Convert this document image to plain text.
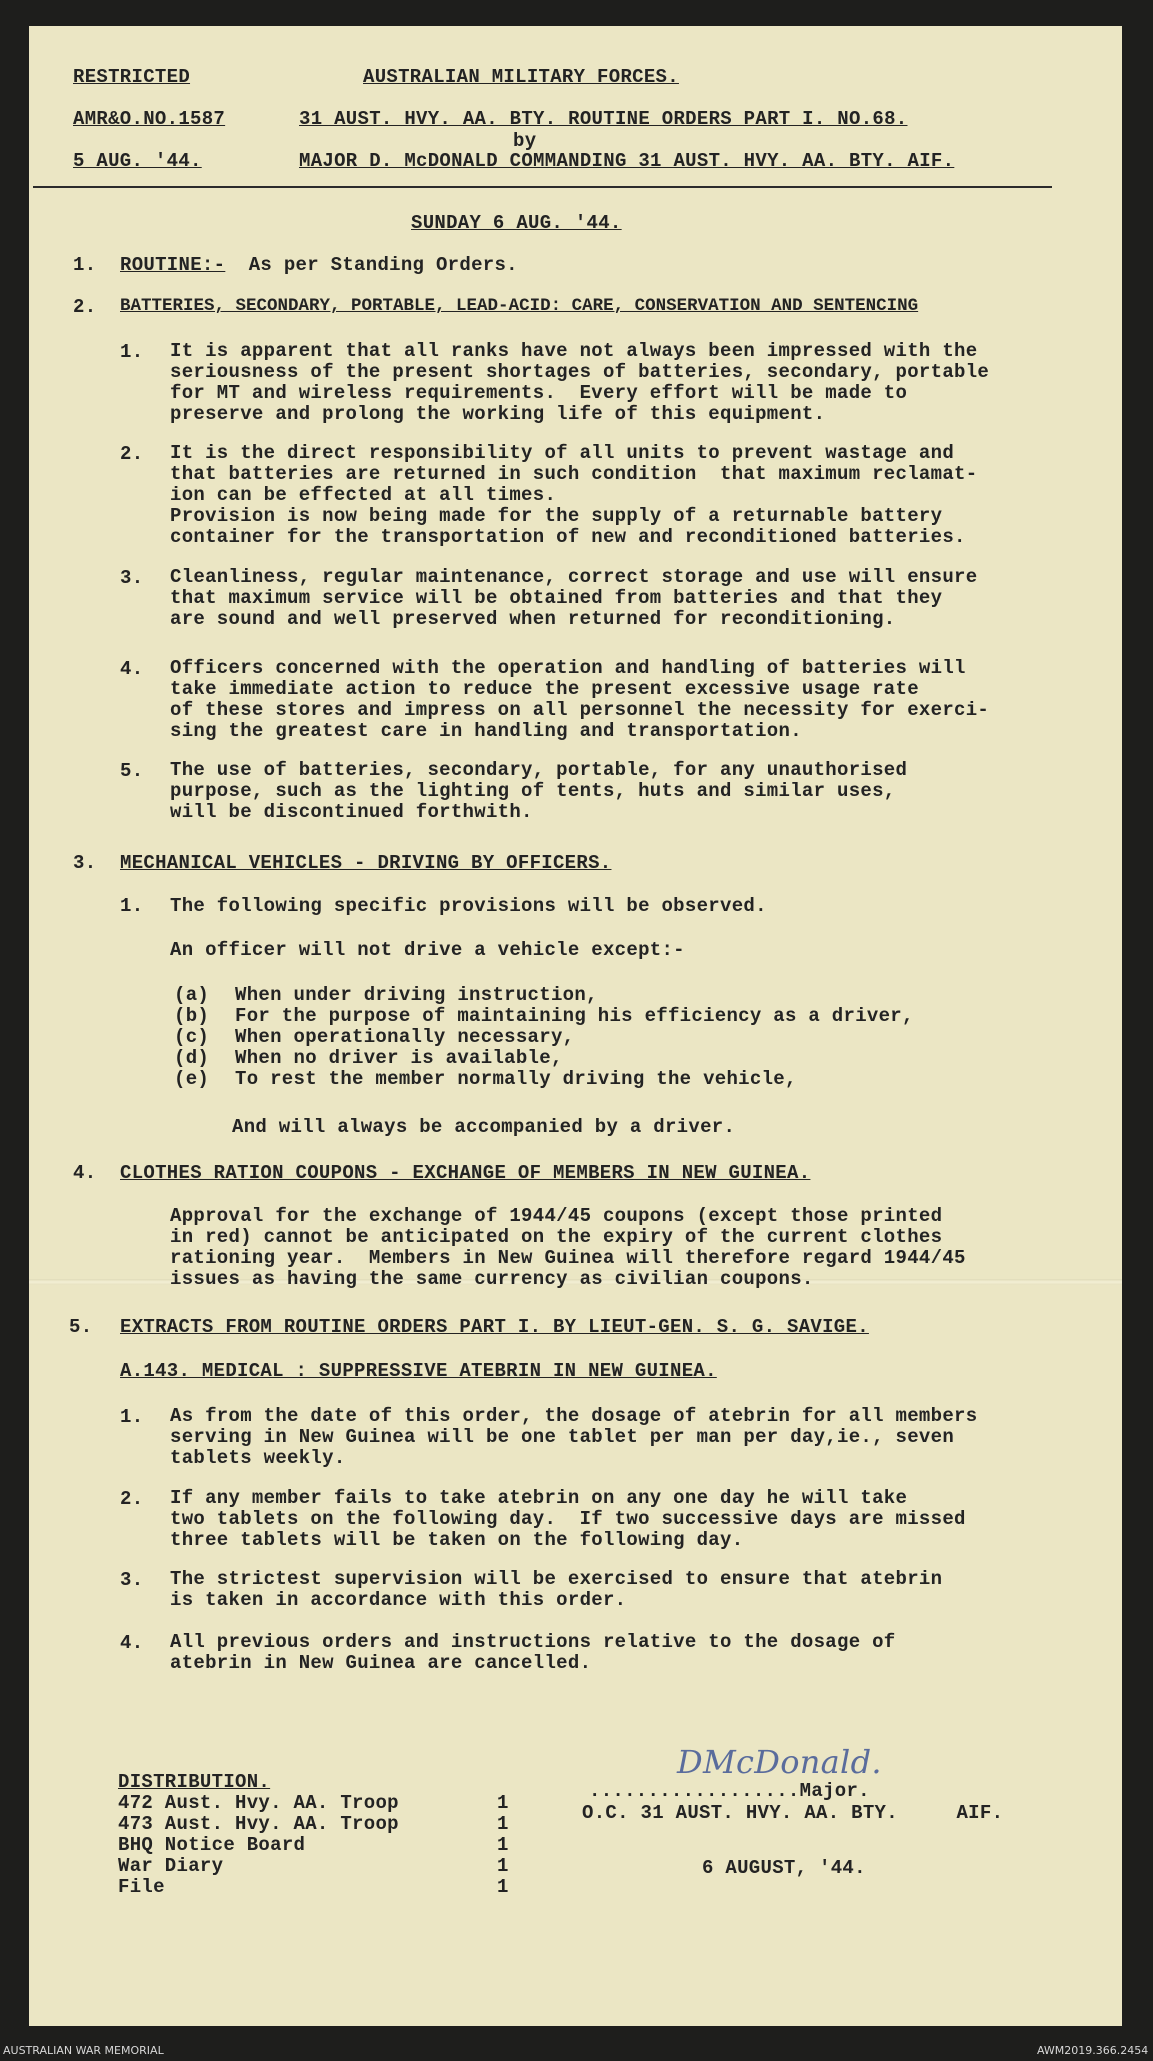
RESTRICTED	AUSTRALIAN MILITARY FORCES.
AMR&O.NO.1587	31 AUST. HVY. AA. BTY. ROUTINE ORDERS PART I. NO.68.
by
5 AUG. '44.	MAJOR D. McDONALD COMMANDING 31 AUST. HVY. AA. BTY. AIF.
SUNDAY 6 AUG. '44.
1. ROUTINE:-  As per Standing Orders.
2. BATTERIES, SECONDARY, PORTABLE, LEAD-ACID: CARE, CONSERVATION AND SENTENCING
1. It is apparent that all ranks have not always been impressed with the
seriousness of the present shortages of batteries, secondary, portable
for MT and wireless requirements.  Every effort will be made to
preserve and prolong the working life of this equipment.
2. It is the direct responsibility of all units to prevent wastage and
that batteries are returned in such condition  that maximum reclamat-
ion can be effected at all times.
Provision is now being made for the supply of a returnable battery
container for the transportation of new and reconditioned batteries.
3. Cleanliness, regular maintenance, correct storage and use will ensure
that maximum service will be obtained from batteries and that they
are sound and well preserved when returned for reconditioning.
4. Officers concerned with the operation and handling of batteries will
take immediate action to reduce the present excessive usage rate
of these stores and impress on all personnel the necessity for exerci-
sing the greatest care in handling and transportation.
5. The use of batteries, secondary, portable, for any unauthorised
purpose, such as the lighting of tents, huts and similar uses,
will be discontinued forthwith.
3. MECHANICAL VEHICLES - DRIVING BY OFFICERS.
1. The following specific provisions will be observed.
An officer will not drive a vehicle except:-
(a) When under driving instruction,
(b) For the purpose of maintaining his efficiency as a driver,
(c) When operationally necessary,
(d) When no driver is available,
(e) To rest the member normally driving the vehicle,
And will always be accompanied by a driver.
4. CLOTHES RATION COUPONS - EXCHANGE OF MEMBERS IN NEW GUINEA.
Approval for the exchange of 1944/45 coupons (except those printed
in red) cannot be anticipated on the expiry of the current clothes
rationing year.  Members in New Guinea will therefore regard 1944/45
issues as having the same currency as civilian coupons.
5. EXTRACTS FROM ROUTINE ORDERS PART I. BY LIEUT-GEN. S. G. SAVIGE.
A.143. MEDICAL : SUPPRESSIVE ATEBRIN IN NEW GUINEA.
1. As from the date of this order, the dosage of atebrin for all members
serving in New Guinea will be one tablet per man per day,ie., seven
tablets weekly.
2. If any member fails to take atebrin on any one day he will take
two tablets on the following day.  If two successive days are missed
three tablets will be taken on the following day.
3. The strictest supervision will be exercised to ensure that atebrin
is taken in accordance with this order.
4. All previous orders and instructions relative to the dosage of
atebrin in New Guinea are cancelled.
DISTRIBUTION.
472 Aust. Hvy. AA. Troop	1
473 Aust. Hvy. AA. Troop	1
BHQ Notice Board	1
War Diary	1
File	1
DMcDonald.
..................Major.
O.C. 31 AUST. HVY. AA. BTY.     AIF.
6 AUGUST, '44.
AUSTRALIAN WAR MEMORIAL	AWM2019.366.2454
